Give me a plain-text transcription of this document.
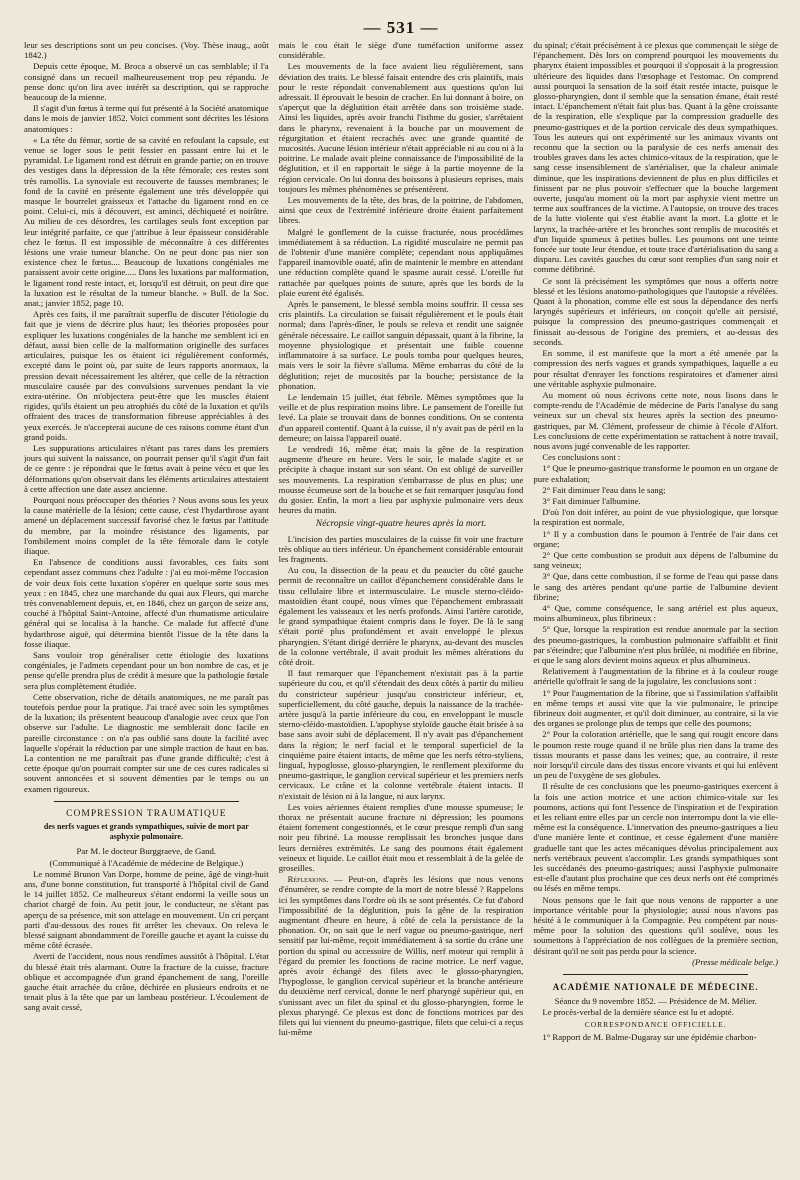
— 531 —

leur ses descriptions sont un peu concises. (Voy. Thèse inaug., août 1842.)

Depuis cette époque, M. Broca a observé un cas semblable; il l'a consigné dans un recueil malheureusement trop peu répandu. Je pense donc qu'on lira avec intérêt sa description, qui se rapproche beaucoup de la mienne.

Il s'agit d'un fœtus à terme qui fut présenté à la Société anatomique dans le mois de janvier 1852. Voici comment sont décrites les lésions anatomiques :

« La tête du fémur, sortie de sa cavité en refoulant la capsule, est venue se loger sous le petit fessier en passant entre lui et le pyramidal. Le ligament rond est détruit en grande partie; on en trouve des vestiges dans la dépression de la tête fémorale; ces restes sont très ramollis. La synoviale est recouverte de fausses membranes; le fond de la cavité en présente également une très développée qui masque le bourrelet graisseux et l'attache du ligament rond en ce point. Celui-ci, mis à découvert, est aminci, déchiqueté et noirâtre. Au milieu de ces désordres, les cartilages seuls font exception par leur intégrité parfaite, ce que j'attribue à leur épaisseur considérable chez le fœtus. Il est impossible de méconnaître à ces différentes lésions une vraie tumeur blanche. On ne peut donc pas nier son existence chez le fœtus.... Beaucoup de luxations congéniales me paraissent avoir cette origine..... Dans les luxations par malformation, le ligament rond reste intact, et, lorsqu'il est détruit, on peut dire que la luxation est le résultat de la tumeur blanche. » Bull. de la Soc. anat.; janvier 1852, page 10.

Après ces faits, il me paraîtrait superflu de discuter l'étiologie du fait que je viens de décrire plus haut; les théories proposées pour expliquer les luxations congéniales de la hanche me semblent ici en défaut, aussi bien celle de la malformation originelle des surfaces articulaires, puisque les os étaient ici régulièrement conformés, excepté dans le point où, par suite de leurs rapports anormaux, la pression devait nécessairement les altérer, que celle de la rétraction musculaire causée par des convulsions survenues pendant la vie extra-utérine. On m'objectera peut-être que les muscles étaient rigides, qu'ils étaient un peu atrophiés du côté de la luxation et qu'ils offraient des traces de transformation fibreuse appréciables à des yeux exercés. Je n'accepterai aucune de ces raisons comme étant d'un grand poids.

Les suppurations articulaires n'étant pas rares dans les premiers jours qui suivent la naissance, on pourrait penser qu'il s'agit d'un fait de ce genre : je répondrai que le fœtus avait à peine vécu et que les déformations qu'on observait dans les éléments articulaires attestaient à cette affection une date assez ancienne.

Pourquoi nous préoccuper des théories ? Nous avons sous les yeux la cause matérielle de la lésion; cette cause, c'est l'hydarthrose ayant amené un déplacement successif favorisé chez le fœtus par l'attitude du membre, par la moindre résistance des ligaments, par l'ombilement moins complet de la tête fémorale dans le cotyle iliaque.

En l'absence de conditions aussi favorables, ces faits sont cependant assez communs chez l'adulte : j'ai eu moi-même l'occasion de voir deux fois cette luxation s'opérer en quelque sorte sous mes yeux : en 1845, chez une marchande du quai aux Fleurs, qui marche très convenablement depuis, et, en 1846, chez un garçon de seize ans, couché à l'hôpital Saint-Antoine, affecté d'un rhumatisme articulaire général qui se localisa à la hanche. Ce malade fut affecté d'une hydarthrose aiguë, qui détermina bientôt l'issue de la tête dans la fosse iliaque.

Sans vouloir trop généraliser cette étiologie des luxations congéniales, je l'admets cependant pour un bon nombre de cas, et je pense qu'elle prendra plus de crédit à mesure que la pathologie fœtale sera plus complètement étudiée.

Cette observation, riche de détails anatomiques, ne me paraît pas toutefois perdue pour la pratique. J'ai tracé avec soin les symptômes de la luxation; ils présentent beaucoup d'analogie avec ceux que l'on observe sur l'adulte. Le diagnostic me semblerait donc facile en pareille circonstance : on n'a pas oublié sans doute la facilité avec laquelle s'opérait la réduction par une simple traction de haut en bas. La contention ne me paraîtrait pas d'une grande difficulté; c'est à cette époque qu'on pourrait compter sur une de ces cures radicales si souvent annoncées et si souvent démenties par le temps ou un examen rigoureux.

COMPRESSION TRAUMATIQUE
des nerfs vagues et grands sympathiques, suivie de mort par asphyxie pulmonaire.

Par M. le docteur Burggraeve, de Gand.

(Communiqué à l'Académie de médecine de Belgique.)

Le nommé Brunon Van Dorpe, homme de peine, âgé de vingt-huit ans, d'une bonne constitution, fut transporté à l'hôpital civil de Gand le 14 juillet 1852. Ce malheureux s'étant endormi la veille sous un chariot chargé de foin. Au petit jour, le conducteur, ne s'étant pas aperçu de sa présence, mit son attelage en mouvement. Un cri perçant parti d'au-dessous des roues fit arrêter les chevaux. On releva le blessé saignant abondamment de l'oreille gauche et ayant la cuisse du même côté écrasée.

Averti de l'accident, nous nous rendîmes aussitôt à l'hôpital. L'état du blessé était très alarmant. Outre la fracture de la cuisse, fracture oblique et accompagnée d'un grand épanchement de sang, l'oreille gauche était arrachée du crâne, déchirée en plusieurs endroits et ne tenait plus à la tête que par un lambeau postérieur. L'écoulement de sang avait cessé,

mais le cou était le siège d'une tuméfaction uniforme assez considérable.

Les mouvements de la face avaient lieu régulièrement, sans déviation des traits. Le blessé faisait entendre des cris plaintifs, mais pour le reste répondait convenablement aux questions qu'on lui adressait. Il éprouvait le besoin de cracher. En lui donnant à boire, on s'aperçut que la déglutition était arrêtée dans son troisième stade. Ainsi les liquides, après avoir franchi l'isthme du gosier, s'arrêtaient dans le pharynx, revenaient à la bouche par un mouvement de régurgitation et étaient recrachés avec une grande quantité de mucosités. Aucune lésion intérieur n'était appréciable ni au cou ni à la poitrine. Le malade avait pleine connaissance de l'impossibilité de la déglutition, et il en rapportait le siège à la partie moyenne de la région cervicale. On lui donna des boissons à plusieurs reprises, mais toujours les mêmes phénomènes se présentèrent.

Les mouvements de la tête, des bras, de la poitrine, de l'abdomen, ainsi que ceux de l'extrémité inférieure droite étaient parfaitement libres.

Malgré le gonflement de la cuisse fracturée, nous procédâmes immédiatement à sa réduction. La rigidité musculaire ne permit pas de l'obtenir d'une manière complète; cependant nous appliquâmes l'appareil inamovible ouaté, afin de maintenir le membre en attendant une réduction complète quand le spasme aurait cessé. L'oreille fut rattachée par quelques points de suture, après que les bords de la plaie eurent été égalisés.

Après le pansement, le blessé sembla moins souffrir. Il cessa ses cris plaintifs. La circulation se faisait régulièrement et le pouls était normal; dans l'après-dîner, le pouls se releva et rendit une saignée générale nécessaire. Le caillot sanguin dépassait, quant à la fibrine, la moyenne physiologique et présentait une faible couenne inflammatoire à sa surface. Le pouls tomba pour quelques heures, mais vers le soir la fièvre s'alluma. Même embarras du côté de la déglutition; rejet de mucosités par la bouche; persistance de la phonation.

Le lendemain 15 juillet, état fébrile. Mêmes symptômes que la veille et de plus respiration moins libre. Le pansement de l'oreille fut levé. La plaie se trouvait dans de bonnes conditions. On se contenta d'un appareil contentif. Quant à la cuisse, il n'y avait pas de péril en la demeure; on laissa l'appareil ouaté.

Le vendredi 16, même état; mais la gêne de la respiration augmente d'heure en heure. Vers le soir, le malade s'agite et se précipite à chaque instant sur son séant. On est obligé de surveiller ses mouvements. La respiration s'embarrasse de plus en plus; une mousse écumeuse sort de la bouche et se fait remarquer jusqu'au fond du gosier. Enfin, la mort a lieu par asphyxie pulmonaire vers deux heures du matin.

Nécropsie vingt-quatre heures après la mort.

L'incision des parties musculaires de la cuisse fit voir une fracture très oblique au tiers inférieur. Un épanchement considérable entourait les fragments.

Au cou, la dissection de la peau et du peaucier du côté gauche permit de reconnaître un caillot d'épanchement considérable dans le tissu cellulaire libre et intermusculaire. Le muscle sterno-cléido-mastoïdien étant coupé, nous vîmes que l'épanchement embrassait également les vaisseaux et les nerfs profonds. Ainsi l'artère carotide, le grand sympathique étaient compris dans le foyer. De là le sang s'était porté plus profondément et avait enveloppé le plexus pharyngien. S'étant dirigé derrière le pharynx, au-devant des muscles de la colonne vertébrale, il avait produit les mêmes altérations du côté droit.

Il faut remarquer que l'épanchement n'existait pas à la partie supérieure du cou, et qu'il s'étendait des deux côtés à partir du milieu du constricteur supérieur jusqu'au constricteur inférieur, et, superficiellement, du côté gauche, depuis la naissance de la trachée-artère jusqu'à la partie inférieure du cou, en enveloppant le muscle sterno-cléido-mastoïdien. L'apophyse styloïde gauche était brisée à sa base sans avoir subi de déplacement. Il n'y avait pas d'épanchement dans la région; le nerf facial et le temporal superficiel de la cinquième paire étaient intacts, de même que les nerfs rétro-styliens, lingual, hypoglosse, glosso-pharyngien, le renflement plexiforme du pneumo-gastrique, le ganglion cervical supérieur et les premiers nerfs cervicaux. Le crâne et la colonne vertébrale étaient intacts. Il n'existait de lésion ni à la langue, ni aux larynx.

Les voies aériennes étaient remplies d'une mousse spumeuse; le thorax ne présentait aucune fracture ni dépression; les poumons étaient fortement congestionnés, et le cœur presque rempli d'un sang noir peu fibriné. La mousse remplissait les bronches jusque dans leurs dernières extrémités. Le sang des poumons était également veineux et liquide. Le caillot était mou et ressemblait à de la gelée de groseilles.

Réflexions. — Peut-on, d'après les lésions que nous venons d'énumérer, se rendre compte de la mort de notre blessé ? Rappelons ici les symptômes dans l'ordre où ils se sont présentés. Ce fut d'abord l'impossibilité de la déglutition, puis la gêne de la respiration augmentant d'heure en heure, à côté de cela la persistance de la phonation. Or, on sait que le nerf vague ou pneumo-gastrique, nerf sensitif par lui-même, reçoit immédiatement à sa sortie du crâne une portion du spinal ou accessoire de Willis, nerf moteur qui remplit à l'égard du premier les fonctions de racine motrice. Le nerf vague, après avoir échangé des filets avec le glosso-pharyngien, l'hypoglosse, le ganglion cervical supérieur et la branche antérieure du deuxième nerf cervical, donne le nerf pharyngé supérieur qui, en s'unissant avec un filet du spinal et du glosso-pharyngien, forme le plexus pharyngé. Ce plexus est donc de fonctions motrices par des filets qui lui viennent du pneumo-gastrique, filets que celui-ci a reçus lui-même

du spinal; c'était précisément à ce plexus que commençait le siège de l'épanchement. Dès lors on comprend pourquoi les mouvements du pharynx étaient impossibles et pourquoi il s'opposait à la progression ultérieure des liquides dans l'œsophage et l'estomac. On comprend aussi pourquoi la sensation de la soif était restée intacte, puisque le glosso-pharyngien, dont il semble que la sensation émane, était resté intact. L'épanchement n'était fait plus bas. Quant à la gêne croissante de la respiration, elle s'explique par la compression graduelle des pneumo-gastriques et de la portion cervicale des deux sympathiques. Tous les auteurs qui ont expérimenté sur les animaux vivants ont reconnu que la section ou la paralysie de ces nerfs amenait des troubles graves dans les actes chimico-vitaux de la respiration, que le sang cesse insensiblement de s'artérialiser, que la chaleur animale diminue, que les inspirations deviennent de plus en plus difficiles et finissent par ne plus pouvoir s'effectuer que la bouche largement ouverte, jusqu'au moment où la mort par asphyxie vient mettre un terme aux souffrances de la victime. A l'autopsie, on trouve des traces de la lutte violente qui s'est établie avant la mort. La glotte et le larynx, la trachée-artère et les bronches sont remplis de mucosités et d'un liquide spumeux à petites bulles. Les poumons ont une teinte foncée sur toute leur étendue, et toute trace d'artérialisation du sang a disparu. Les cavités gauches du cœur sont remplies d'un sang noir et comme défibriné.

Ce sont là précisément les symptômes que nous a offerts notre blessé et les lésions anatomo-pathologiques que l'autopsie a révélées. Quant à la phonation, comme elle est sous la dépendance des nerfs laryngés supérieurs et inférieurs, on conçoit qu'elle ait persisté, puisque la compression des pneumo-gastriques commençait et finissait au-dessous de l'origine des premiers, et au-dessus des seconds.

En somme, il est manifeste que la mort a été amenée par la compression des nerfs vagues et grands sympathiques, laquelle a eu pour résultat d'enrayer les fonctions respiratoires et d'amener ainsi une véritable asphyxie pulmonaire.

Au moment où nous écrivons cette note, nous lisons dans le compte-rendu de l'Académie de médecine de Paris l'analyse du sang veineux sur un cheval six heures après la section des pneumo-gastriques, par M. Clément, professeur de chimie à l'école d'Alfort. Les conclusions de cette expérimentation se rattachent à notre travail, nous avons jugé convenable de les rapporter.

Ces conclusions sont :

1° Que le pneumo-gastrique transforme le poumon en un organe de pure exhalation;

2° Fait diminuer l'eau dans le sang;

3° Fait diminuer l'albumine.

D'où l'on doit inférer, au point de vue physiologique, que lorsque la respiration est normale,

1° Il y a combustion dans le poumon à l'entrée de l'air dans cet organe;

2° Que cette combustion se produit aux dépens de l'albumine du sang veineux;

3° Que, dans cette combustion, il se forme de l'eau qui passe dans le sang des artères pendant qu'une partie de l'albumine devient fibrine;

4° Que, comme conséquence, le sang artériel est plus aqueux, moins albumineux, plus fibrineux :

5° Que, lorsque la respiration est rendue anormale par la section des pneumo-gastriques, la combustion pulmonaire s'affaiblit et finit par s'éteindre; que l'albumine n'est plus brûlée, ni modifiée en fibrine, et que le sang alors devient moins aqueux et plus albumineux.

Relativement à l'augmentation de la fibrine et à la couleur rouge artérielle qu'offrait le sang de la jugulaire, les conclusions sont :

1° Pour l'augmentation de la fibrine, que si l'assimilation s'affaiblit en même temps et aussi vite que la vie pulmonaire, le principe fibrineux doit augmenter, et qu'il doit diminuer, au contraire, si la vie des organes se prolonge plus de temps que celle des poumons;

2° Pour la coloration artérielle, que le sang qui rougit encore dans le poumon reste rouge quand il ne brûle plus rien dans la trame des tissus mourants et passe dans les veines; que, au contraire, il reste noir lorsqu'il circule dans des tissus encore vivants et qui lui enlèvent un peu de l'oxygène de ses globules.

Il résulte de ces conclusions que les pneumo-gastriques exercent à la fois une action motrice et une action chimico-vitale sur les poumons, actions qui font l'essence de l'inspiration et de l'expiration et les reliant entre elles par un cercle non interrompu dont la vie elle-même est la conséquence. L'innervation des pneumo-gastriques a lieu d'une manière lente et continue, et cesse également d'une manière graduelle tant que les actes mécaniques dévolus principalement aux nerfs vertébraux peuvent s'accomplir. Les grands sympathiques sont les succédanés des pneumo-gastriques; aussi l'asphyxie pulmonaire est-elle d'autant plus prochaine que ces deux nerfs ont été comprimés ou lésés en même temps.

Nous pensons que le fait que nous venons de rapporter a une importance véritable pour la physiologie; aussi nous n'avons pas hésité à le communiquer à la Compagnie. Peu compétent par nous-même pour la solution des questions qu'il soulève, nous les soumettons à l'appréciation de nos collègues de la première section, désirant qu'il ne soit pas perdu pour la science.

(Presse médicale belge.)

ACADÉMIE NATIONALE DE MÉDECINE.

Séance du 9 novembre 1852. — Présidence de M. Mélier.

Le procès-verbal de la dernière séance est lu et adopté.

CORRESPONDANCE OFFICIELLE.

1° Rapport de M. Balme-Dugaray sur une épidémie charbon-
